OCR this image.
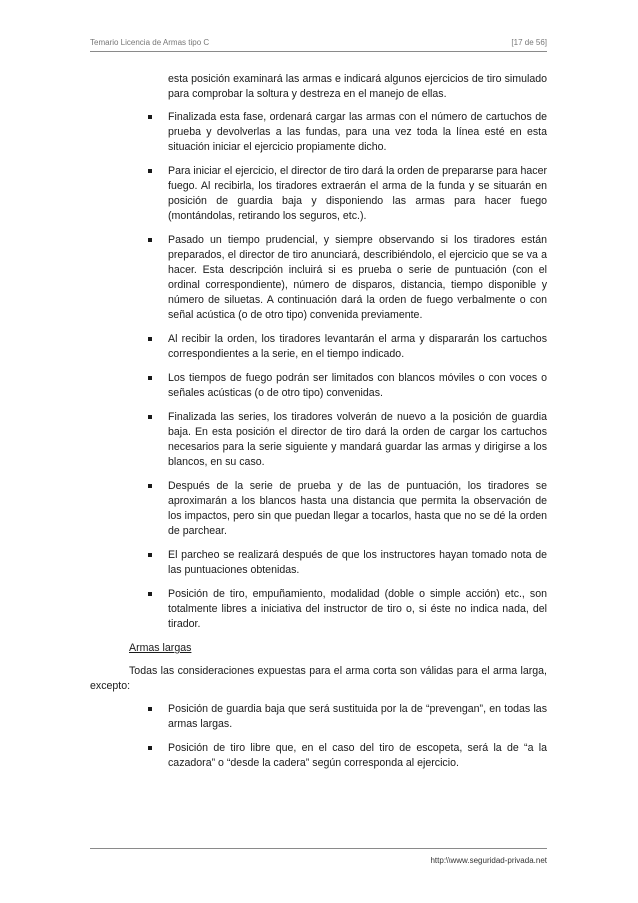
Temario Licencia de Armas tipo C	[17 de 56]

esta posición examinará las armas e indicará algunos ejercicios de tiro simulado para comprobar la soltura y destreza en el manejo de ellas.

Finalizada esta fase, ordenará cargar las armas con el número de cartuchos de prueba y devolverlas a las fundas, para una vez toda la línea esté en esta situación iniciar el ejercicio propiamente dicho.
Para iniciar el ejercicio, el director de tiro dará la orden de prepararse para hacer fuego. Al recibirla, los tiradores extraerán el arma de la funda y se situarán en posición de guardia baja y disponiendo las armas para hacer fuego (montándolas, retirando los seguros, etc.).
Pasado un tiempo prudencial, y siempre observando si los tiradores están preparados, el director de tiro anunciará, describiéndolo, el ejercicio que se va a hacer. Esta descripción incluirá si es prueba o serie de puntuación (con el ordinal correspondiente), número de disparos, distancia, tiempo disponible y número de siluetas. A continuación dará la orden de fuego verbalmente o con señal acústica (o de otro tipo) convenida previamente.
Al recibir la orden, los tiradores levantarán el arma y dispararán los cartuchos correspondientes a la serie, en el tiempo indicado.
Los tiempos de fuego podrán ser limitados con blancos móviles o con voces o señales acústicas (o de otro tipo) convenidas.
Finalizada las series, los tiradores volverán de nuevo a la posición de guardia baja. En esta posición el director de tiro dará la orden de cargar los cartuchos necesarios para la serie siguiente y mandará guardar las armas y dirigirse a los blancos, en su caso.
Después de la serie de prueba y de las de puntuación, los tiradores se aproximarán a los blancos hasta una distancia que permita la observación de los impactos, pero sin que puedan llegar a tocarlos, hasta que no se dé la orden de parchear.
El parcheo se realizará después de que los instructores hayan tomado nota de las puntuaciones obtenidas.
Posición de tiro, empuñamiento, modalidad (doble o simple acción) etc., son totalmente libres a iniciativa del instructor de tiro o, si éste no indica nada, del tirador.
Armas largas

Todas las consideraciones expuestas para el arma corta son válidas para el arma larga, excepto:

Posición de guardia baja que será sustituida por la de “prevengan”, en todas las armas largas.
Posición de tiro libre que, en el caso del tiro de escopeta, será la de “a la cazadora” o “desde la cadera” según corresponda al ejercicio.
http:\\www.seguridad-privada.net
